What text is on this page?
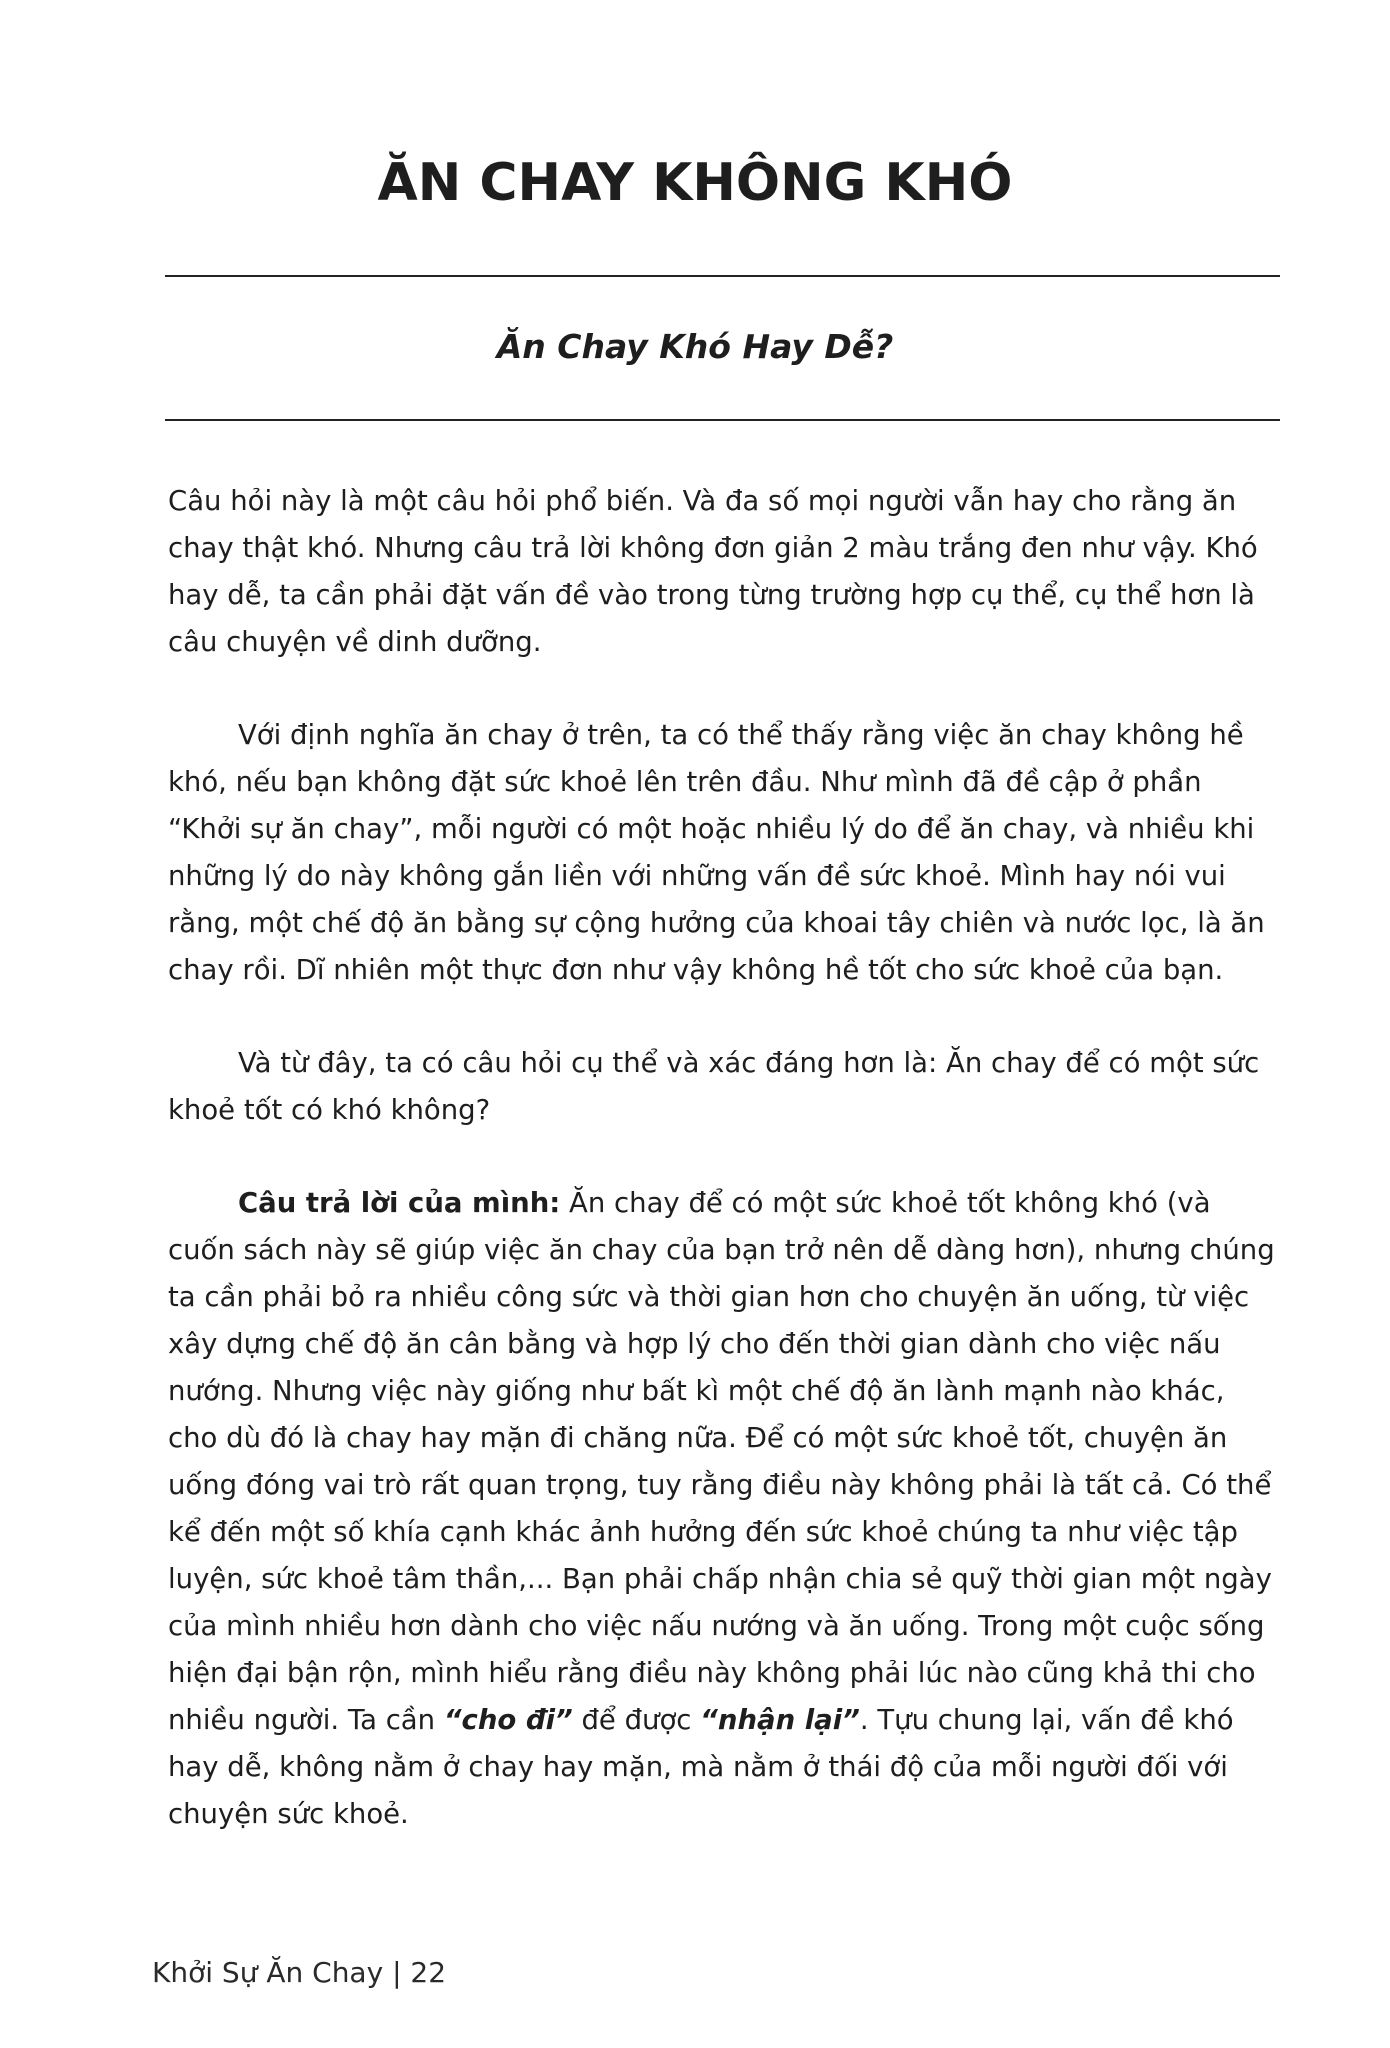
ĂN CHAY KHÔNG KHÓ
Ăn Chay Khó Hay Dễ?

Câu hỏi này là một câu hỏi phổ biến. Và đa số mọi người vẫn hay cho rằng ăn chay thật khó. Nhưng câu trả lời không đơn giản 2 màu trắng đen như vậy. Khó hay dễ, ta cần phải đặt vấn đề vào trong từng trường hợp cụ thể, cụ thể hơn là câu chuyện về dinh dưỡng.

Với định nghĩa ăn chay ở trên, ta có thể thấy rằng việc ăn chay không hề khó, nếu bạn không đặt sức khoẻ lên trên đầu. Như mình đã đề cập ở phần “Khởi sự ăn chay”, mỗi người có một hoặc nhiều lý do để ăn chay, và nhiều khi những lý do này không gắn liền với những vấn đề sức khoẻ. Mình hay nói vui rằng, một chế độ ăn bằng sự cộng hưởng của khoai tây chiên và nước lọc, là ăn chay rồi. Dĩ nhiên một thực đơn như vậy không hề tốt cho sức khoẻ của bạn.

Và từ đây, ta có câu hỏi cụ thể và xác đáng hơn là: Ăn chay để có một sức khoẻ tốt có khó không?

Câu trả lời của mình: Ăn chay để có một sức khoẻ tốt không khó (và cuốn sách này sẽ giúp việc ăn chay của bạn trở nên dễ dàng hơn), nhưng chúng ta cần phải bỏ ra nhiều công sức và thời gian hơn cho chuyện ăn uống, từ việc xây dựng chế độ ăn cân bằng và hợp lý cho đến thời gian dành cho việc nấu nướng. Nhưng việc này giống như bất kì một chế độ ăn lành mạnh nào khác, cho dù đó là chay hay mặn đi chăng nữa. Để có một sức khoẻ tốt, chuyện ăn uống đóng vai trò rất quan trọng, tuy rằng điều này không phải là tất cả. Có thể kể đến một số khía cạnh khác ảnh hưởng đến sức khoẻ chúng ta như việc tập luyện, sức khoẻ tâm thần,... Bạn phải chấp nhận chia sẻ quỹ thời gian một ngày của mình nhiều hơn dành cho việc nấu nướng và ăn uống. Trong một cuộc sống hiện đại bận rộn, mình hiểu rằng điều này không phải lúc nào cũng khả thi cho nhiều người. Ta cần “cho đi” để được “nhận lại”. Tựu chung lại, vấn đề khó hay dễ, không nằm ở chay hay mặn, mà nằm ở thái độ của mỗi người đối với chuyện sức khoẻ.

Khởi Sự Ăn Chay | 22
